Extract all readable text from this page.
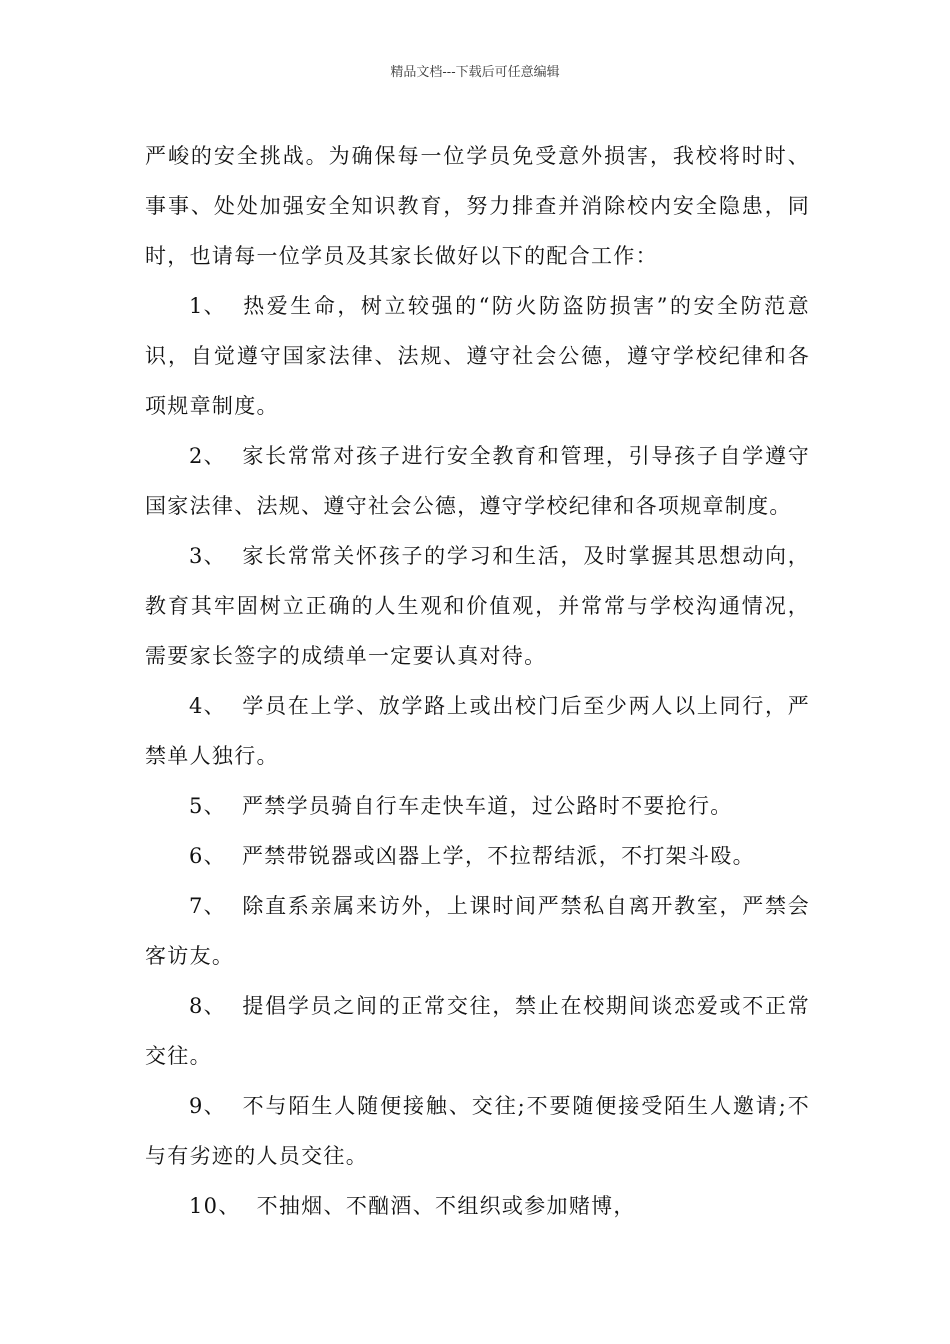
精品文档---下载后可任意编辑
严峻的安全挑战。为确保每一位学员免受意外损害，我校将时时、
事事、处处加强安全知识教育，努力排查并消除校内安全隐患，同
时，也请每一位学员及其家长做好以下的配合工作：
1、 热爱生命，树立较强的“防火防盗防损害”的安全防范意
识，自觉遵守国家法律、法规、遵守社会公德，遵守学校纪律和各
项规章制度。
2、 家长常常对孩子进行安全教育和管理，引导孩子自学遵守
国家法律、法规、遵守社会公德，遵守学校纪律和各项规章制度。
3、 家长常常关怀孩子的学习和生活，及时掌握其思想动向，
教育其牢固树立正确的人生观和价值观，并常常与学校沟通情况，
需要家长签字的成绩单一定要认真对待。
4、 学员在上学、放学路上或出校门后至少两人以上同行，严
禁单人独行。
5、 严禁学员骑自行车走快车道，过公路时不要抢行。
6、 严禁带锐器或凶器上学，不拉帮结派，不打架斗殴。
7、 除直系亲属来访外，上课时间严禁私自离开教室，严禁会
客访友。
8、 提倡学员之间的正常交往，禁止在校期间谈恋爱或不正常
交往。
9、 不与陌生人随便接触、交往;不要随便接受陌生人邀请;不
与有劣迹的人员交往。
10、 不抽烟、不酗酒、不组织或参加赌博，
